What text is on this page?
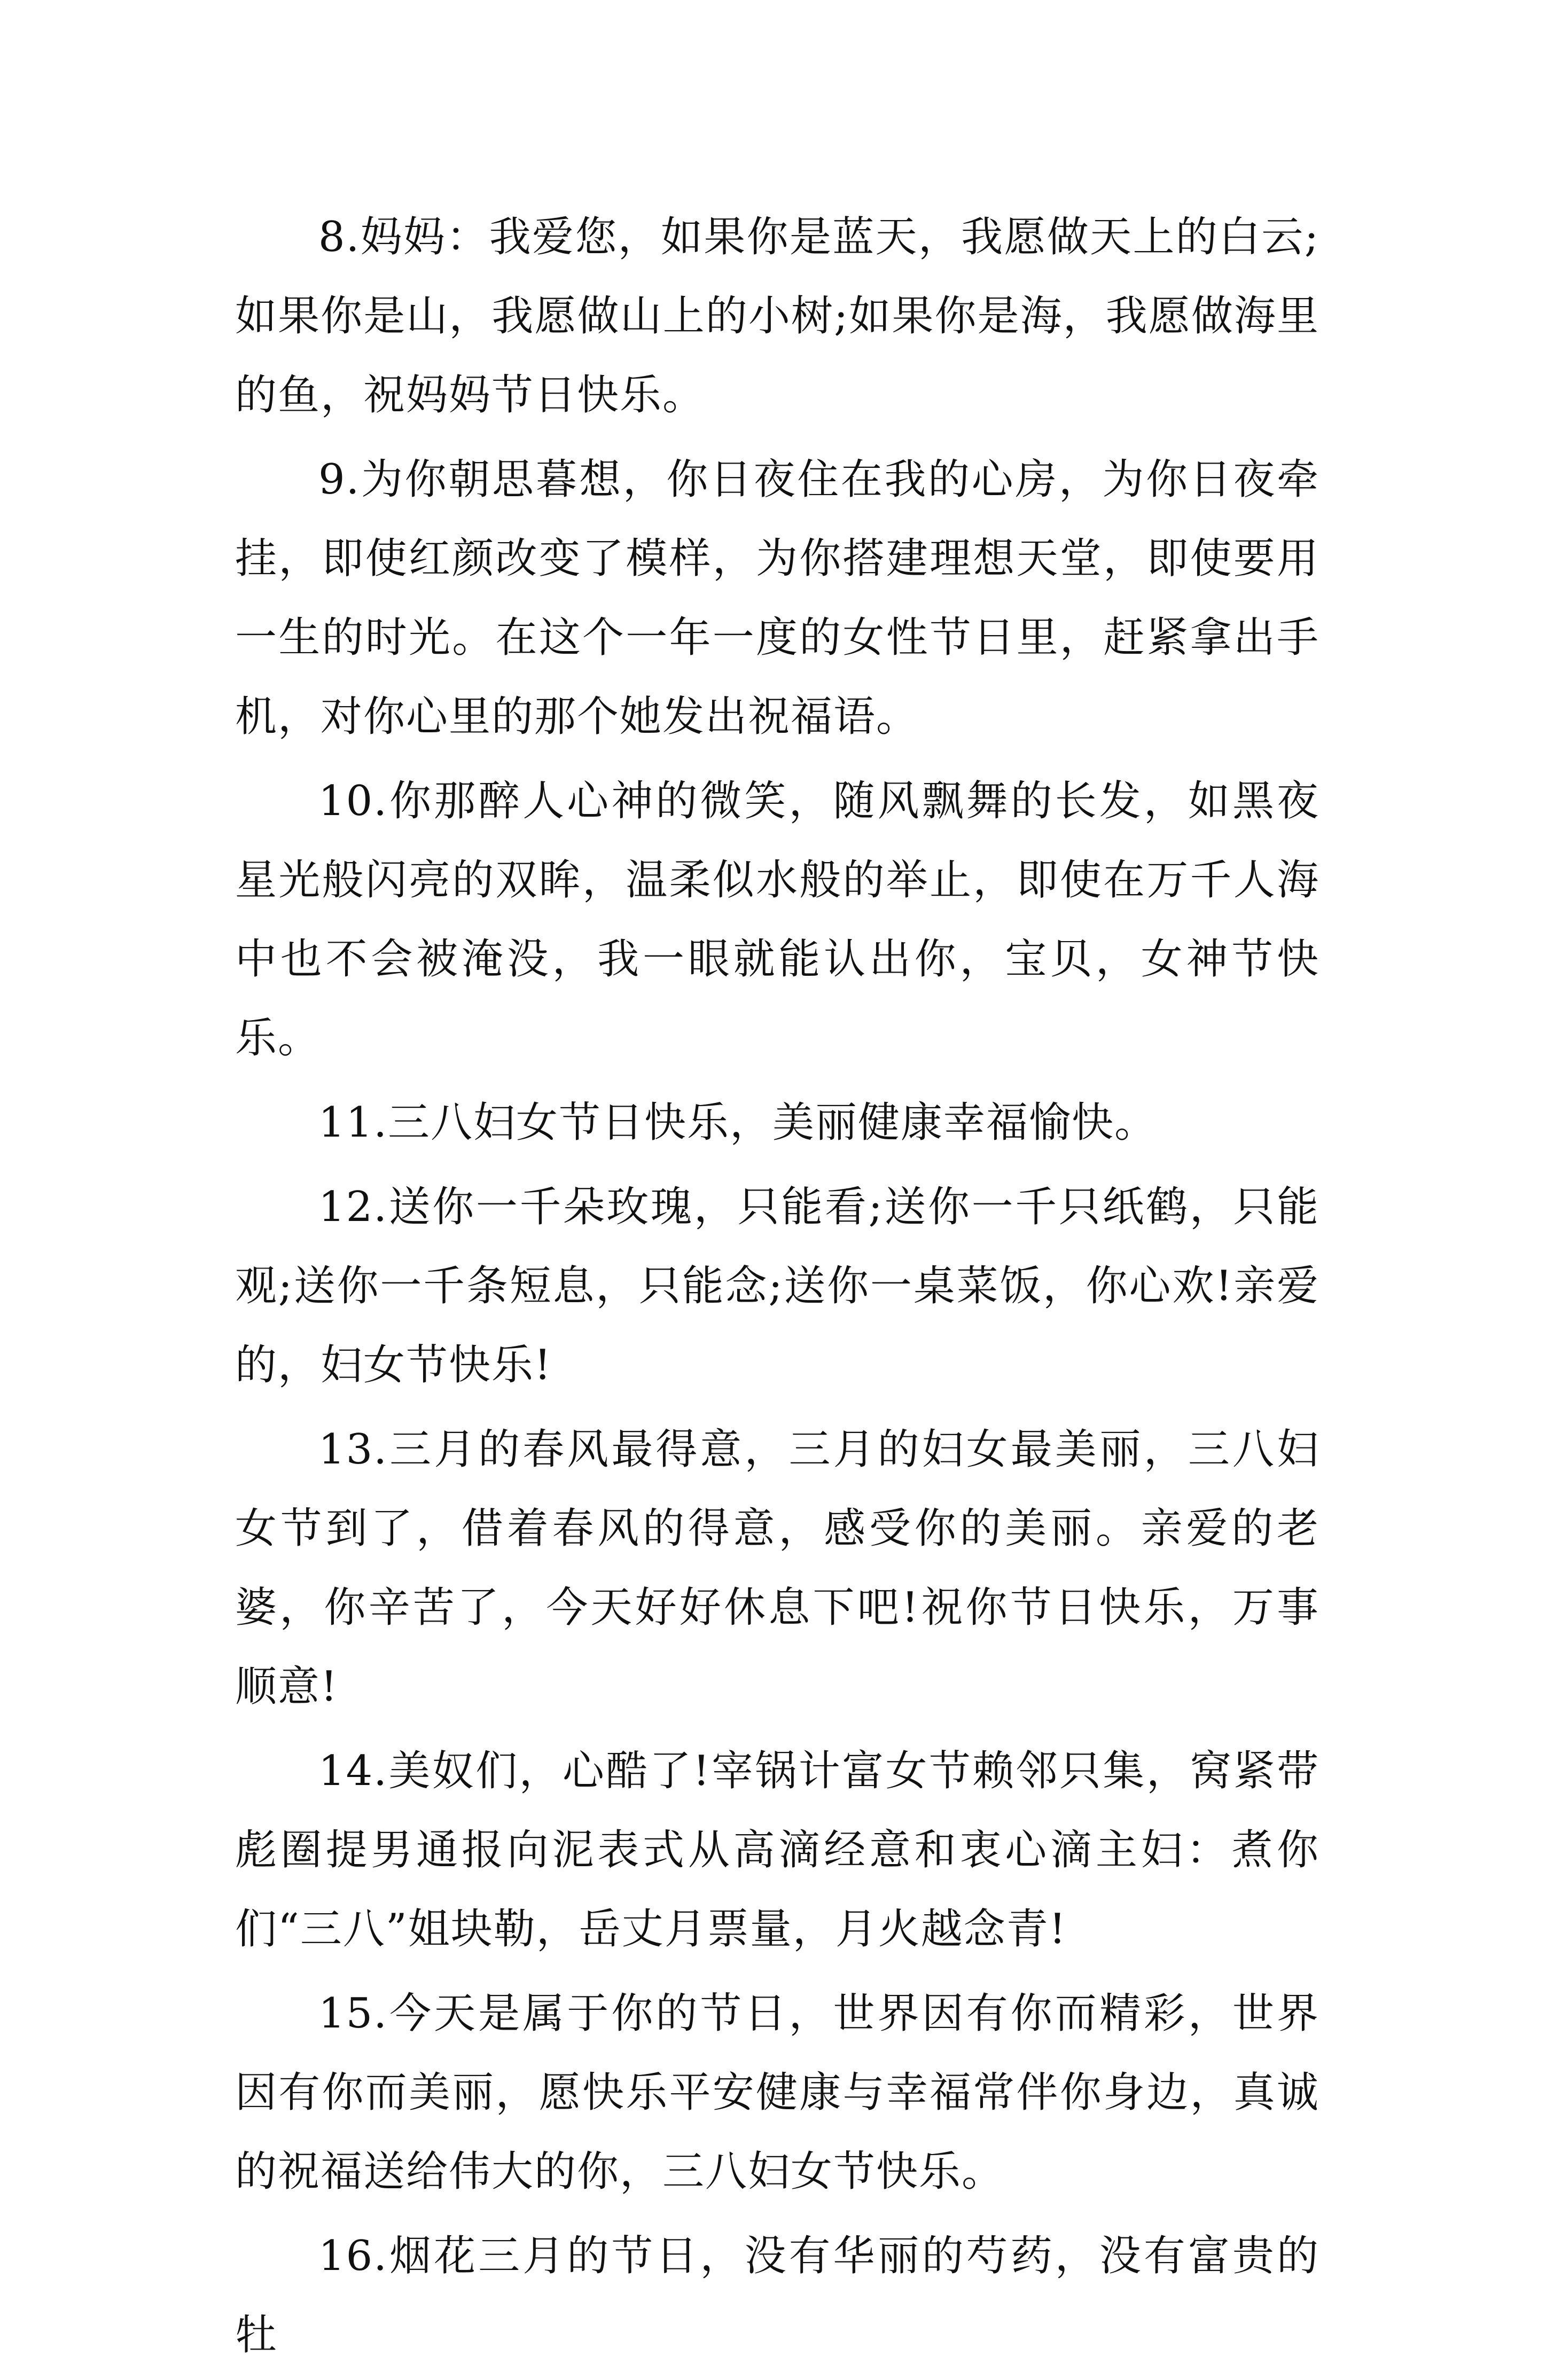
8.妈妈：我爱您，如果你是蓝天，我愿做天上的白云;如果你是山，我愿做山上的小树;如果你是海，我愿做海里的鱼，祝妈妈节日快乐。

9.为你朝思暮想，你日夜住在我的心房，为你日夜牵挂，即使红颜改变了模样，为你搭建理想天堂，即使要用一生的时光。在这个一年一度的女性节日里，赶紧拿出手机，对你心里的那个她发出祝福语。

10.你那醉人心神的微笑，随风飘舞的长发，如黑夜星光般闪亮的双眸，温柔似水般的举止，即使在万千人海中也不会被淹没，我一眼就能认出你，宝贝，女神节快乐。

11.三八妇女节日快乐，美丽健康幸福愉快。

12.送你一千朵玫瑰，只能看;送你一千只纸鹤，只能观;送你一千条短息，只能念;送你一桌菜饭，你心欢!亲爱的，妇女节快乐!

13.三月的春风最得意，三月的妇女最美丽，三八妇女节到了，借着春风的得意，感受你的美丽。亲爱的老婆，你辛苦了，今天好好休息下吧!祝你节日快乐，万事顺意!

14.美奴们，心酷了!宰锅计富女节赖邻只集，窝紧带彪圈提男通报向泥表式从高滴经意和衷心滴主妇：煮你们“三八”姐块勒，岳丈月票量，月火越念青!

15.今天是属于你的节日，世界因有你而精彩，世界因有你而美丽，愿快乐平安健康与幸福常伴你身边，真诚的祝福送给伟大的你，三八妇女节快乐。

16.烟花三月的节日，没有华丽的芍药，没有富贵的牡
